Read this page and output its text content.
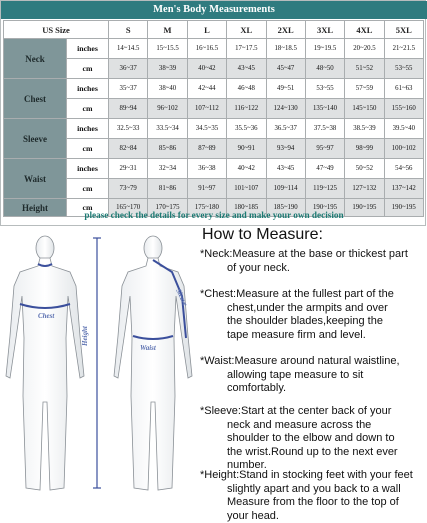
Men's Body Measurements
US Size		S	M	L	XL	2XL	3XL	4XL	5XL
Neck	inches	14~14.5	15~15.5	16~16.5	17~17.5	18~18.5	19~19.5	20~20.5	21~21.5
	cm	36~37	38~39	40~42	43~45	45~47	48~50	51~52	53~55
Chest	inches	35~37	38~40	42~44	46~48	49~51	53~55	57~59	61~63
	cm	89~94	96~102	107~112	116~122	124~130	135~140	145~150	155~160
Sleeve	inches	32.5~33	33.5~34	34.5~35	35.5~36	36.5~37	37.5~38	38.5~39	39.5~40
	cm	82~84	85~86	87~89	90~91	93~94	95~97	98~99	100~102
Waist	inches	29~31	32~34	36~38	40~42	43~45	47~49	50~52	54~56
	cm	73~79	81~86	91~97	101~107	109~114	119~125	127~132	137~142
Height	cm	165~170	170~175	175~180	180~185	185~190	190~195	190~195	190~195
please check the details for every size and make your own decision
Chest
Waist
Height
Sleeve
How to Measure:
*Neck:Measure at the base or thickest part
of your neck.
*Chest:Measure at the fullest part of the
chest,under the armpits and over
the shoulder blades,keeping the
tape measure firm and level.
*Waist:Measure around natural waistline,
allowing tape measure to sit
comfortably.
*Sleeve:Start at the center back of your
neck and measure across the
shoulder to the elbow and down to
the wrist.Round up to the next ever
number.
*Height:Stand in stocking feet with your feet
slightly apart and you back to a wall
Measure from the floor to the top of
your head.
